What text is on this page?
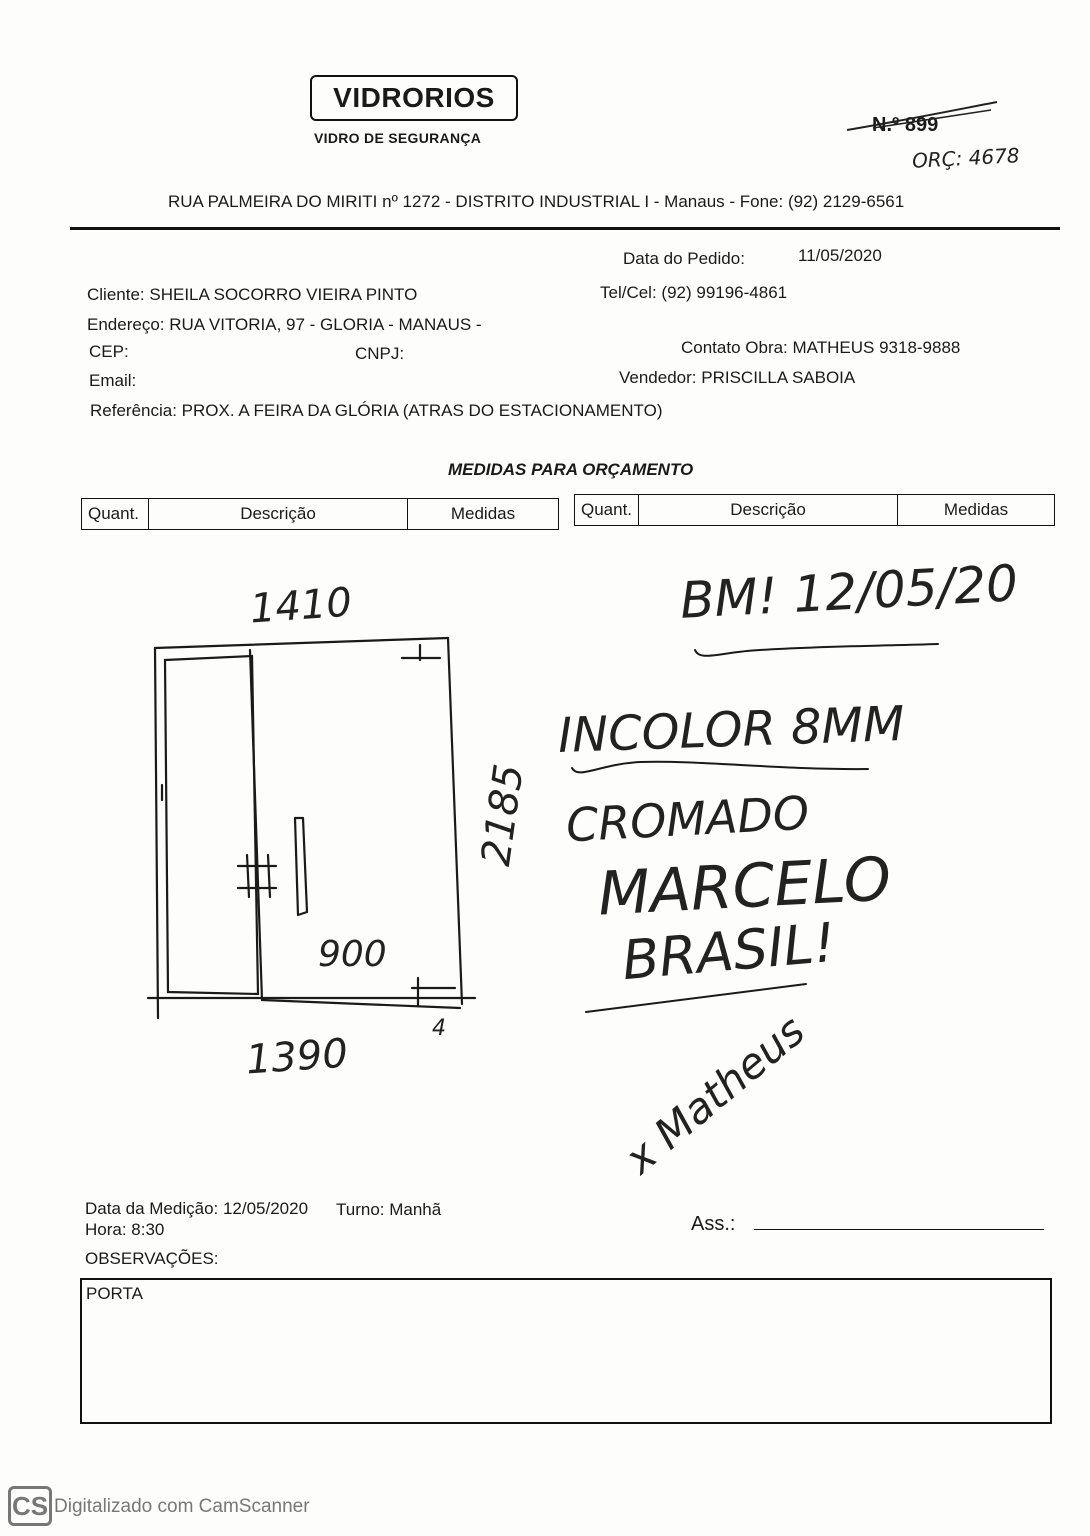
VIDRORIOS
VIDRO DE SEGURANÇA
N.º 899
ORÇ: 4678
RUA PALMEIRA DO MIRITI nº 1272 - DISTRITO INDUSTRIAL I - Manaus - Fone: (92) 2129-6561
Data do Pedido:	11/05/2020
Cliente: SHEILA SOCORRO VIEIRA PINTO	Tel/Cel: (92) 99196-4861
Endereço: RUA VITORIA, 97 - GLORIA - MANAUS -
CEP:	CNPJ:	Contato Obra: MATHEUS 9318-9888
Email:	Vendedor: PRISCILLA SABOIA
Referência: PROX. A FEIRA DA GLÓRIA (ATRAS DO ESTACIONAMENTO)
MEDIDAS PARA ORÇAMENTO
Quant.	Descrição	Medidas	Quant.	Descrição	Medidas
1410
1390
2185
900
4
BM! 12/05/20
INCOLOR 8MM
CROMADO
MARCELO
BRASIL!
x Matheus
Data da Medição: 12/05/2020 Turno: Manhã
Hora: 8:30	Ass.:
OBSERVAÇÕES:
PORTA
CS Digitalizado com CamScanner
